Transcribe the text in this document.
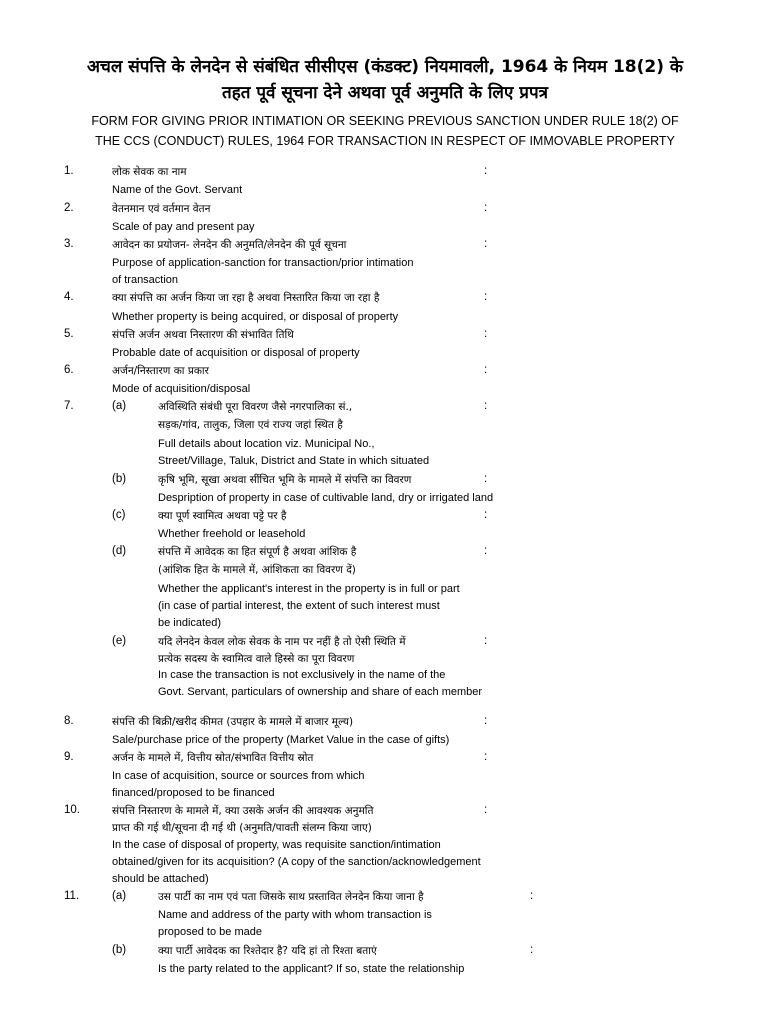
अचल संपत्ति के लेनदेन से संबंधित सीसीएस (कंडक्ट) नियमावली, 1964 के नियम 18(2) के
तहत पूर्व सूचना देने अथवा पूर्व अनुमति के लिए प्रपत्र
FORM FOR GIVING PRIOR INTIMATION OR SEEKING PREVIOUS SANCTION UNDER RULE 18(2) OF
THE CCS (CONDUCT) RULES, 1964 FOR TRANSACTION IN RESPECT OF IMMOVABLE PROPERTY
1.	लोक सेवक का नाम	:
Name of the Govt. Servant
2.	वेतनमान एवं वर्तमान वेतन	:
Scale of pay and present pay
3.	आवेदन का प्रयोजन- लेनदेन की अनुमति/लेनदेन की पूर्व सूचना	:
Purpose of application-sanction for transaction/prior intimation
of transaction
4.	क्या संपत्ति का अर्जन किया जा रहा है अथवा निस्तारित किया जा रहा है	:
Whether property is being acquired, or disposal of property
5.	संपत्ति अर्जन अथवा निस्तारण की संभावित तिथि	:
Probable date of acquisition or disposal of property
6.	अर्जन/निस्तारण का प्रकार	:
Mode of acquisition/disposal
7.	(a)	अविस्थिति संबंधी पूरा विवरण जैसे नगरपालिका सं.,	:
सड़क/गांव, तालुक, जिला एवं राज्य जहां स्थित है
Full details about location viz. Municipal No.,
Street/Village, Taluk, District and State in which situated
(b)	कृषि भूमि, सूखा अथवा सींचित भूमि के मामले में संपत्ति का विवरण	:
Despription of property in case of cultivable land, dry or irrigated land
(c)	क्या पूर्ण स्वामित्व अथवा पट्टे पर है	:
Whether freehold or leasehold
(d)	संपत्ति में आवेदक का हित संपूर्ण है अथवा आंशिक है	:
(आंशिक हित के मामले में, आंशिकता का विवरण दें)
Whether the applicant's interest in the property is in full or part
(in case of partial interest, the extent of such interest must
be indicated)
(e)	यदि लेनदेन केवल लोक सेवक के नाम पर नहीं है तो ऐसी स्थिति में	:
प्रत्येक सदस्य के स्वामित्व वाले हिस्से का पूरा विवरण
In case the transaction is not exclusively in the name of the
Govt. Servant, particulars of ownership and share of each member
8.	संपत्ति की बिक्री/खरीद कीमत (उपहार के मामले में बाजार मूल्य)	:
Sale/purchase price of the property (Market Value in the case of gifts)
9.	अर्जन के मामले में, वित्तीय स्रोत/संभावित वित्तीय स्रोत	:
In case of acquisition, source or sources from which
financed/proposed to be financed
10.	संपत्ति निस्तारण के मामले में, क्या उसके अर्जन की आवश्यक अनुमति	:
प्राप्त की गई थी/सूचना दी गई थी (अनुमति/पावती संलग्न किया जाए)
In the case of disposal of property, was requisite sanction/intimation
obtained/given for its acquisition? (A copy of the sanction/acknowledgement
should be attached)
11.	(a)	उस पार्टी का नाम एवं पता जिसके साथ प्रस्तावित लेनदेन किया जाना है	:
Name and address of the party with whom transaction is
proposed to be made
(b)	क्या पार्टी आवेदक का रिश्तेदार है? यदि हां तो रिश्ता बताएं	:
Is the party related to the applicant? If so, state the relationship
